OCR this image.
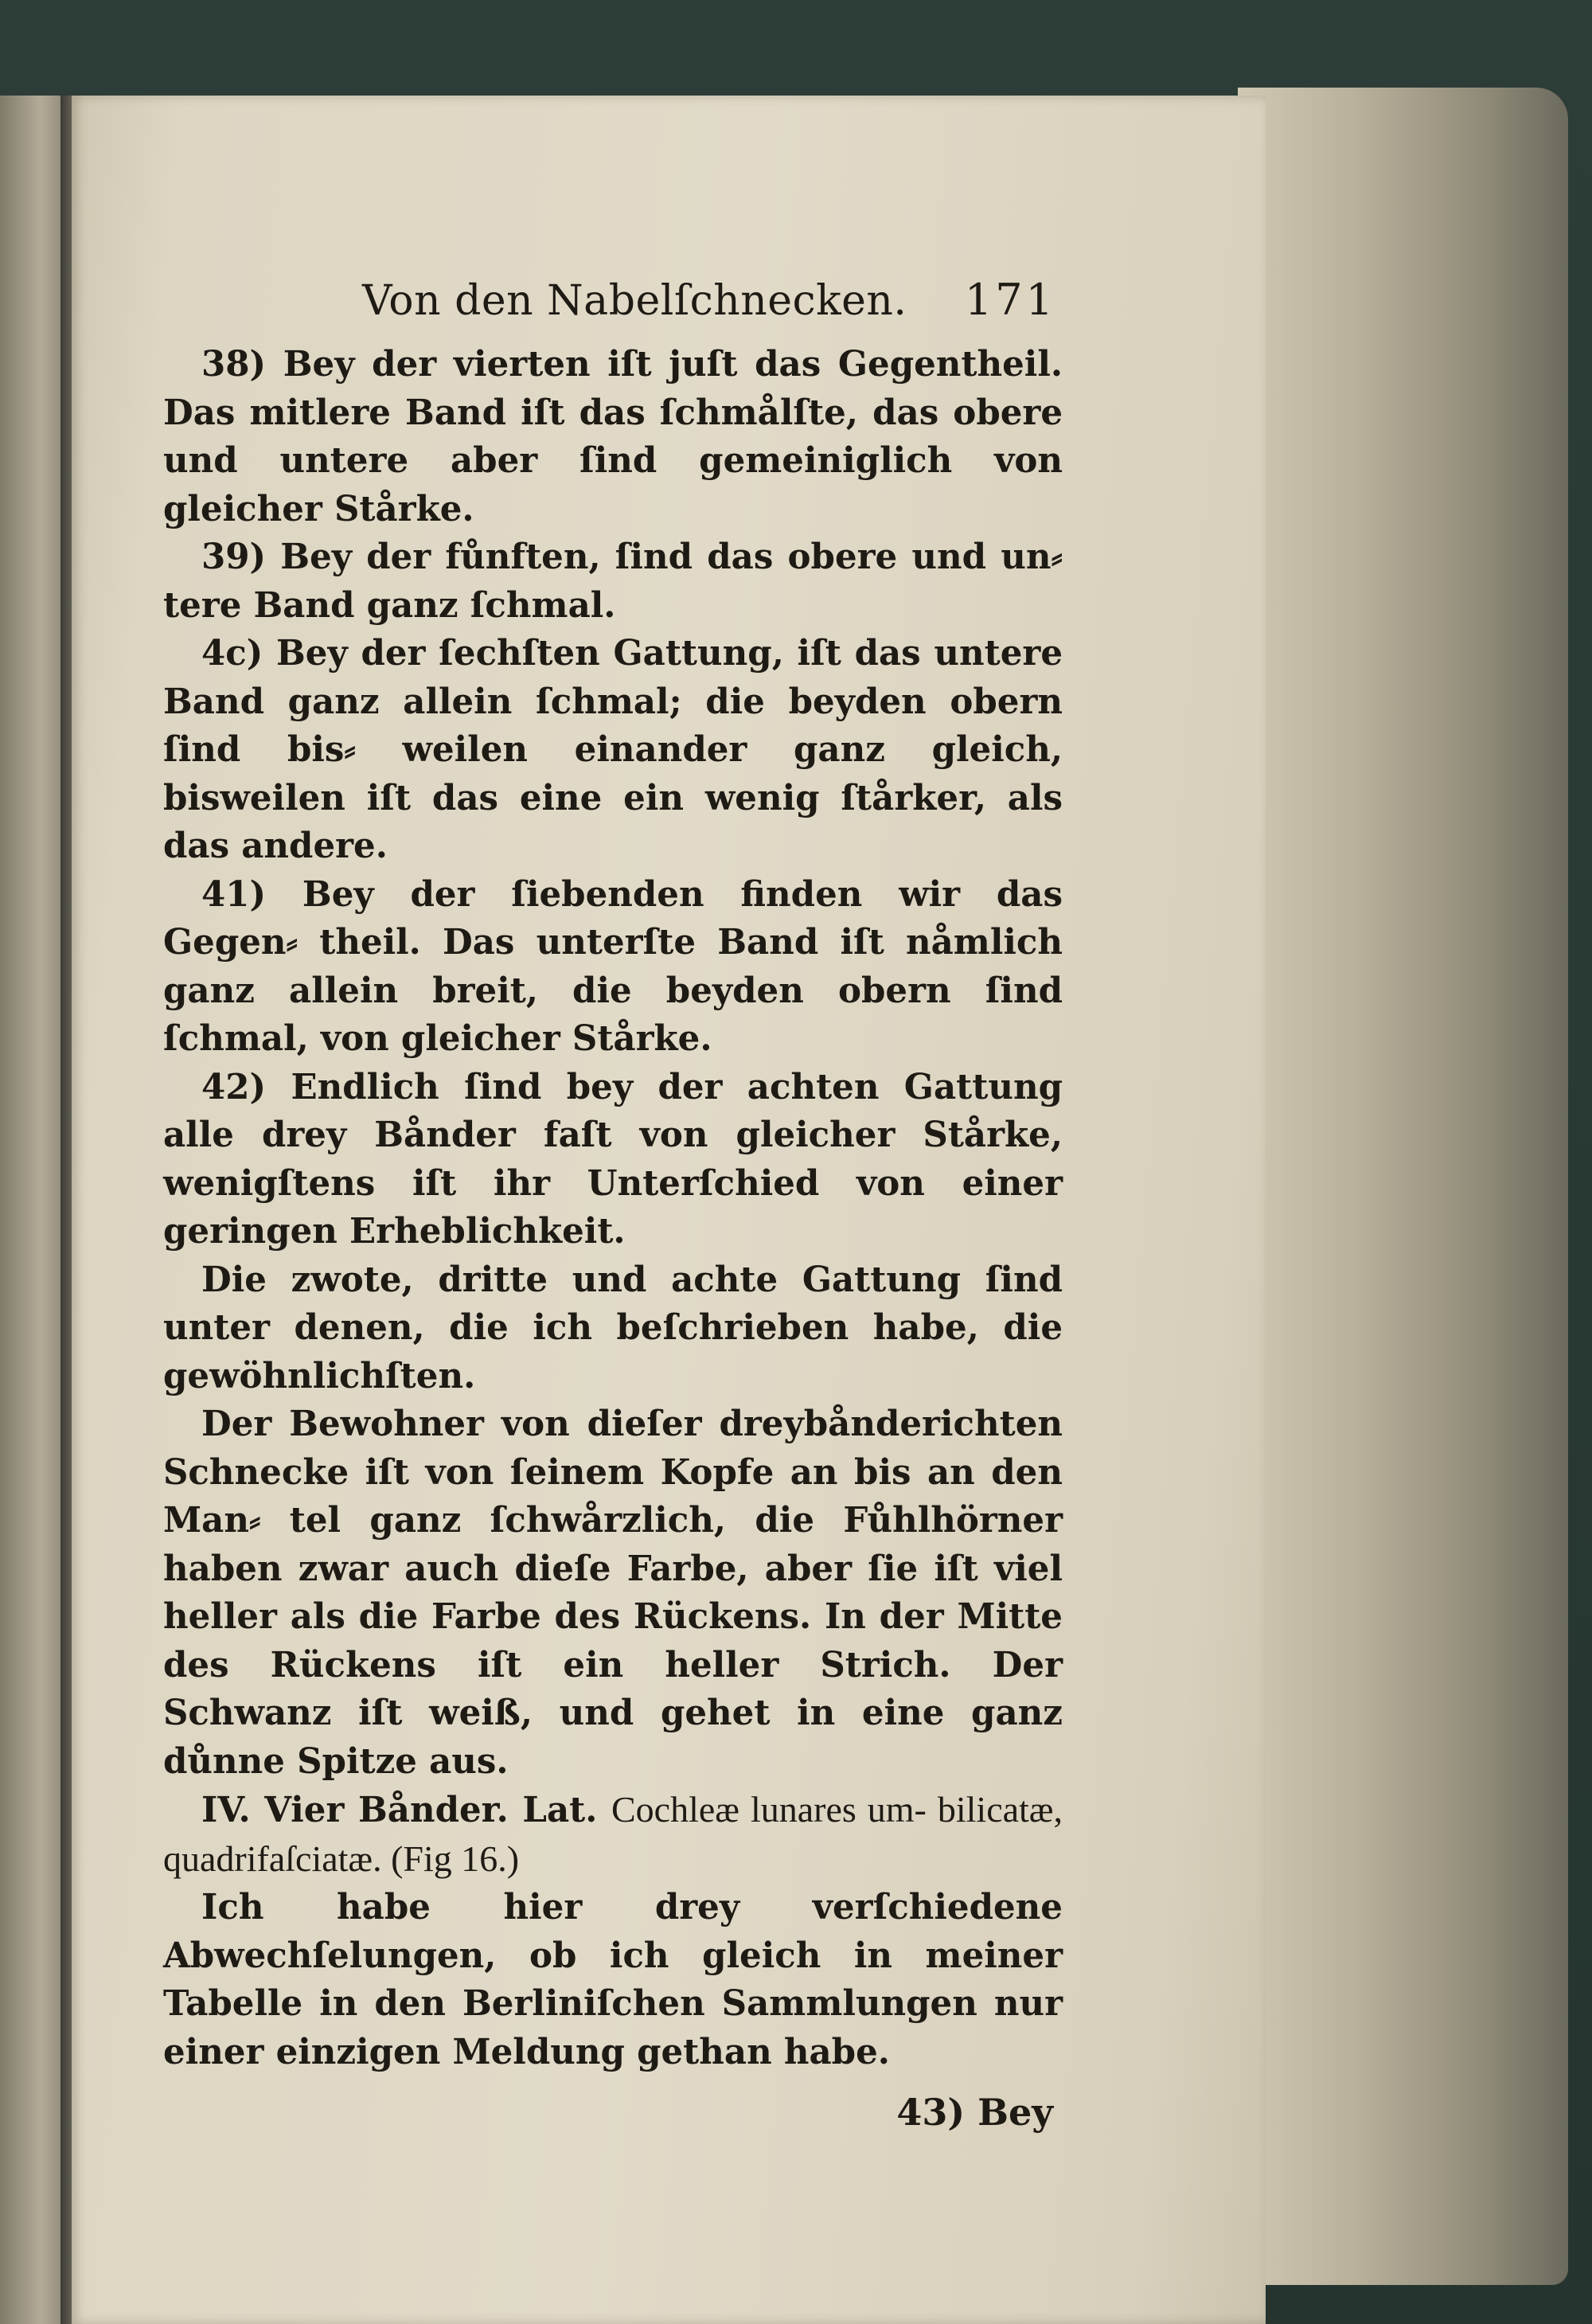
Von den Nabelſchnecken. 171

38) Bey der vierten iſt juſt das Gegentheil. Das mitlere Band iſt das ſchmålſte, das obere und untere aber ſind gemeiniglich von gleicher Stårke.

39) Bey der fůnften, ſind das obere und un⸗ tere Band ganz ſchmal.

4c) Bey der ſechſten Gattung, iſt das untere Band ganz allein ſchmal; die beyden obern ſind bis⸗ weilen einander ganz gleich, bisweilen iſt das eine ein wenig ſtårker, als das andere.

41) Bey der ſiebenden finden wir das Gegen⸗ theil. Das unterſte Band iſt nåmlich ganz allein breit, die beyden obern ſind ſchmal, von gleicher Stårke.

42) Endlich ſind bey der achten Gattung alle drey Bånder faſt von gleicher Stårke, wenigſtens iſt ihr Unterſchied von einer geringen Erheblichkeit.

Die zwote, dritte und achte Gattung ſind unter denen, die ich beſchrieben habe, die gewöhnlichſten.

Der Bewohner von dieſer dreybånderichten Schnecke iſt von ſeinem Kopfe an bis an den Man⸗ tel ganz ſchwårzlich, die Fůhlhörner haben zwar auch dieſe Farbe, aber ſie iſt viel heller als die Farbe des Rückens. In der Mitte des Rückens iſt ein heller Strich. Der Schwanz iſt weiß, und gehet in eine ganz důnne Spitze aus.

IV. Vier Bånder. Lat. Cochleæ lunares um- bilicatæ, quadrifaſciatæ. (Fig 16.)

Ich habe hier drey verſchiedene Abwechſelungen, ob ich gleich in meiner Tabelle in den Berliniſchen Sammlungen nur einer einzigen Meldung gethan habe.

43) Bey
